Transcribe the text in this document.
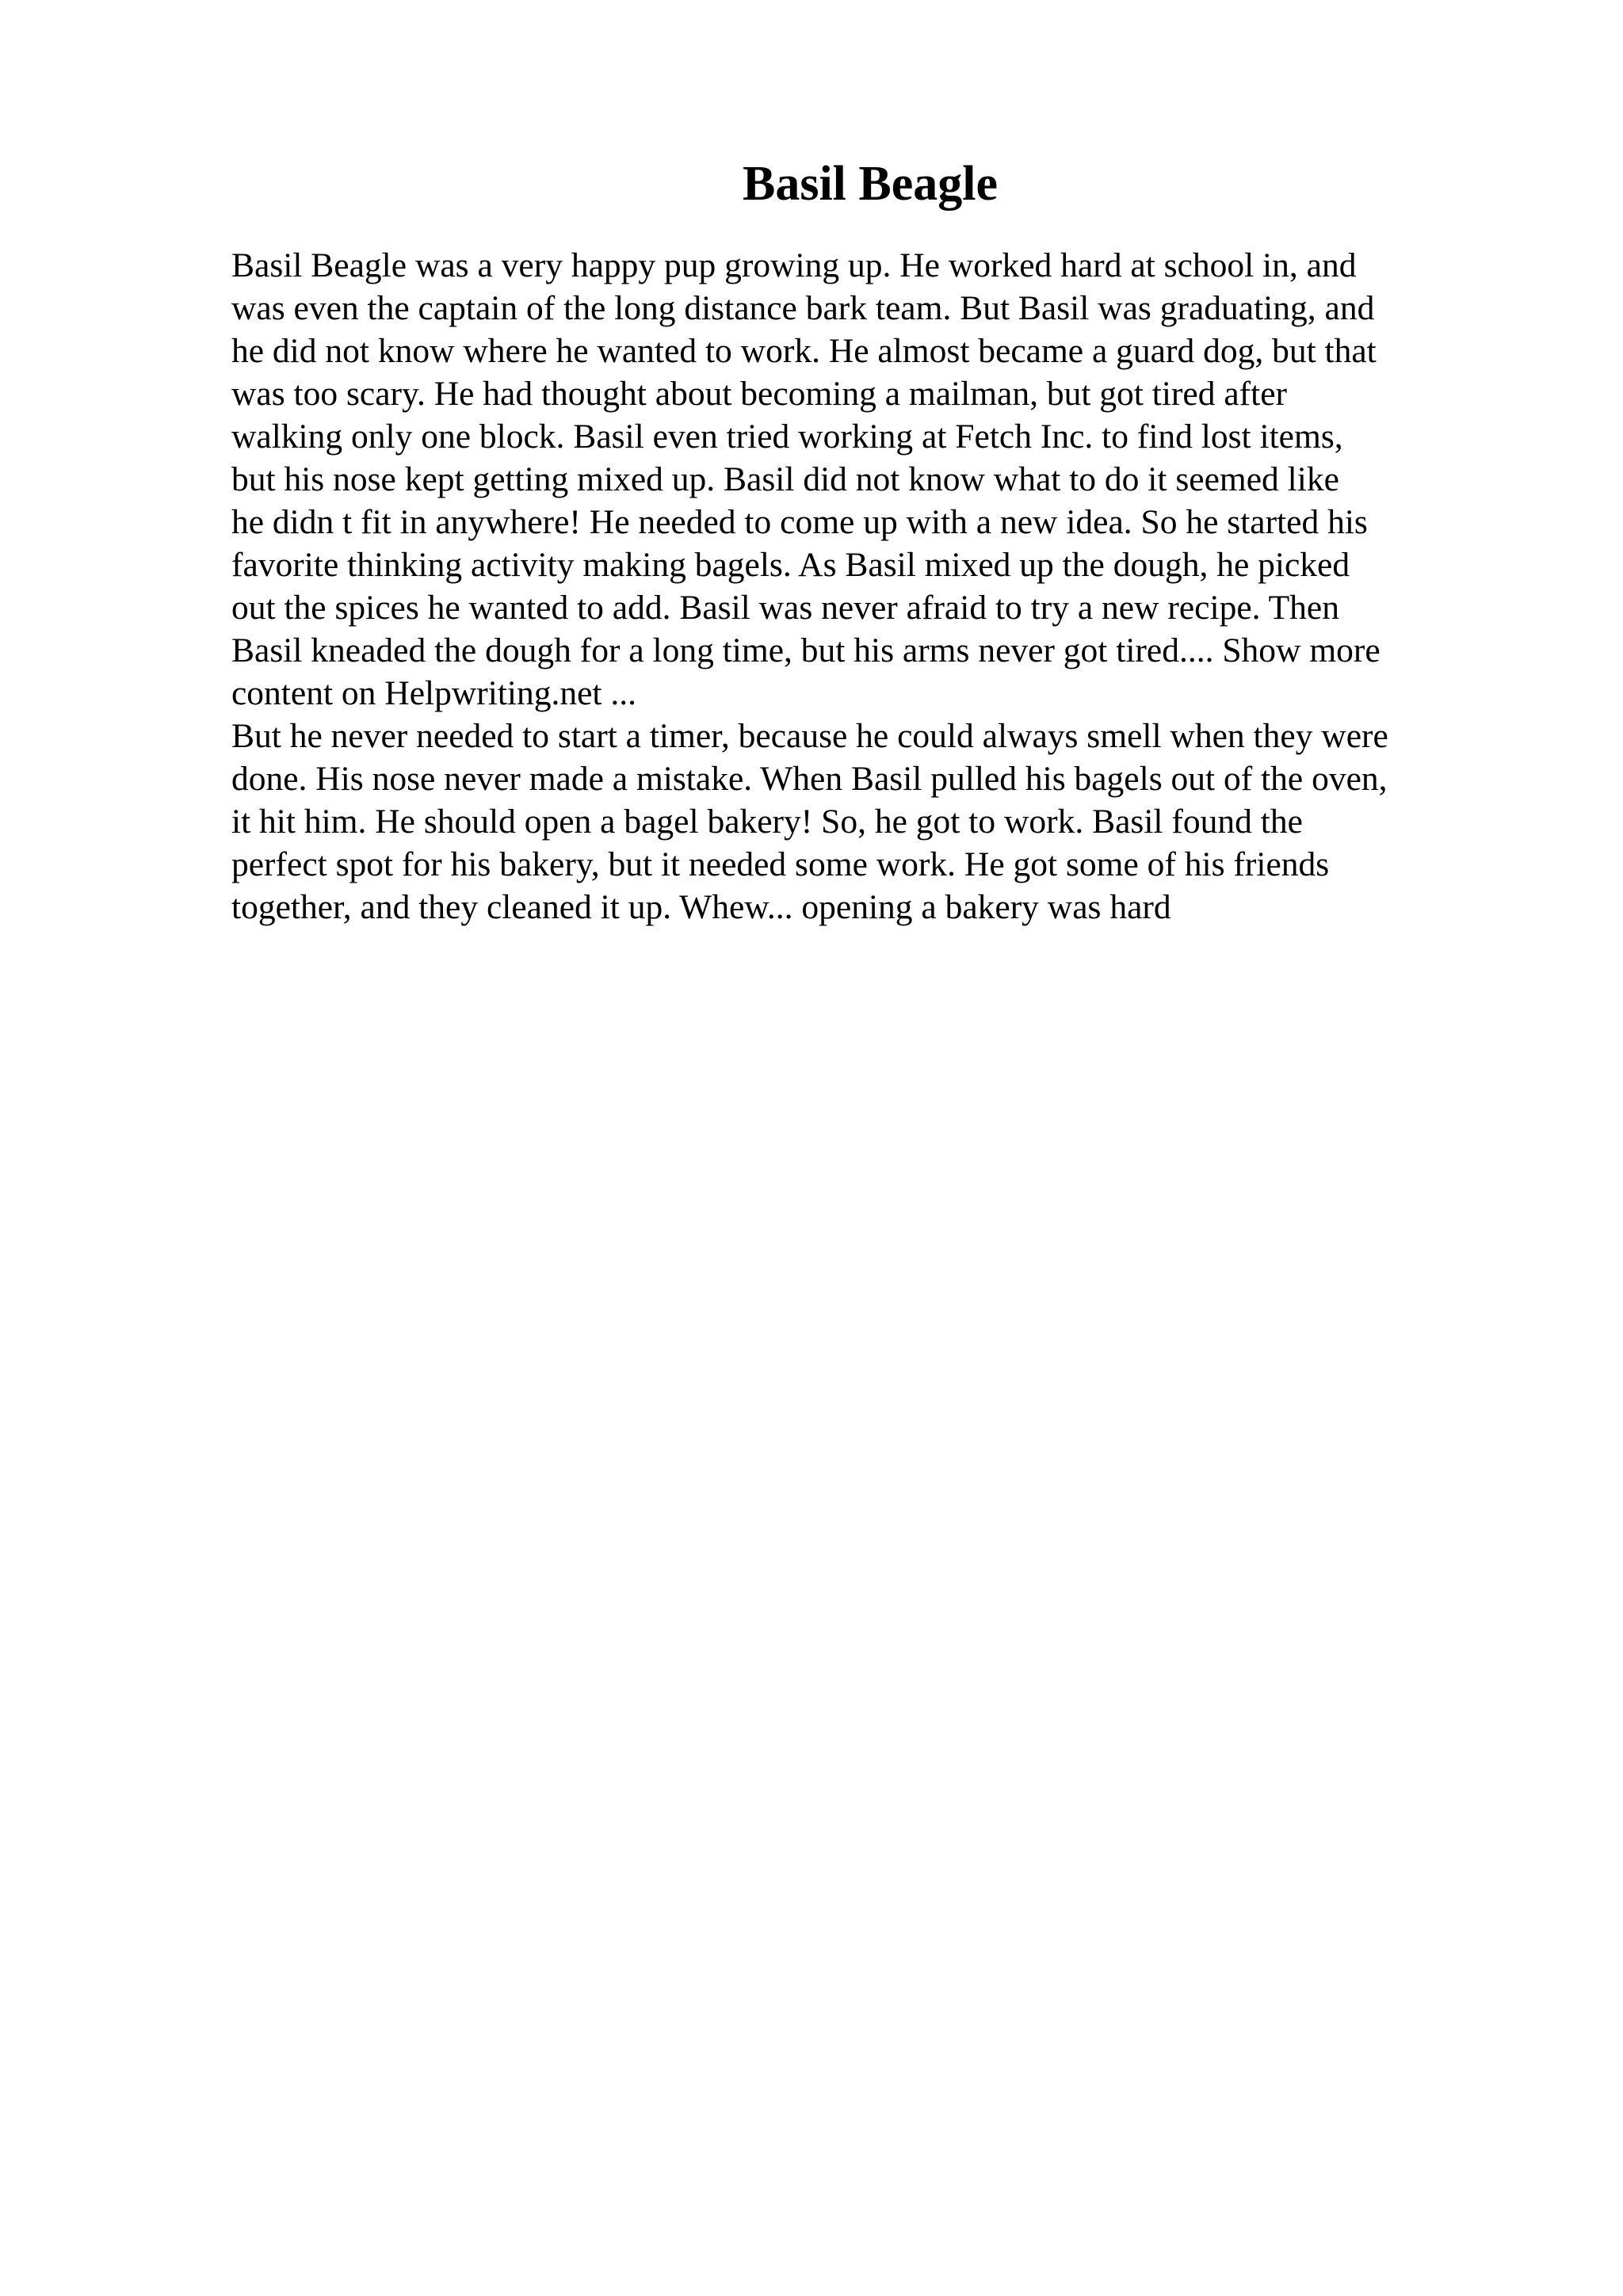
Basil Beagle

Basil Beagle was a very happy pup growing up. He worked hard at school in, and
was even the captain of the long distance bark team. But Basil was graduating, and
he did not know where he wanted to work. He almost became a guard dog, but that
was too scary. He had thought about becoming a mailman, but got tired after
walking only one block. Basil even tried working at Fetch Inc. to find lost items,
but his nose kept getting mixed up. Basil did not know what to do it seemed like
he didn t fit in anywhere! He needed to come up with a new idea. So he started his
favorite thinking activity making bagels. As Basil mixed up the dough, he picked
out the spices he wanted to add. Basil was never afraid to try a new recipe. Then
Basil kneaded the dough for a long time, but his arms never got tired.... Show more
content on Helpwriting.net ...

But he never needed to start a timer, because he could always smell when they were
done. His nose never made a mistake. When Basil pulled his bagels out of the oven,
it hit him. He should open a bagel bakery! So, he got to work. Basil found the
perfect spot for his bakery, but it needed some work. He got some of his friends
together, and they cleaned it up. Whew... opening a bakery was hard
